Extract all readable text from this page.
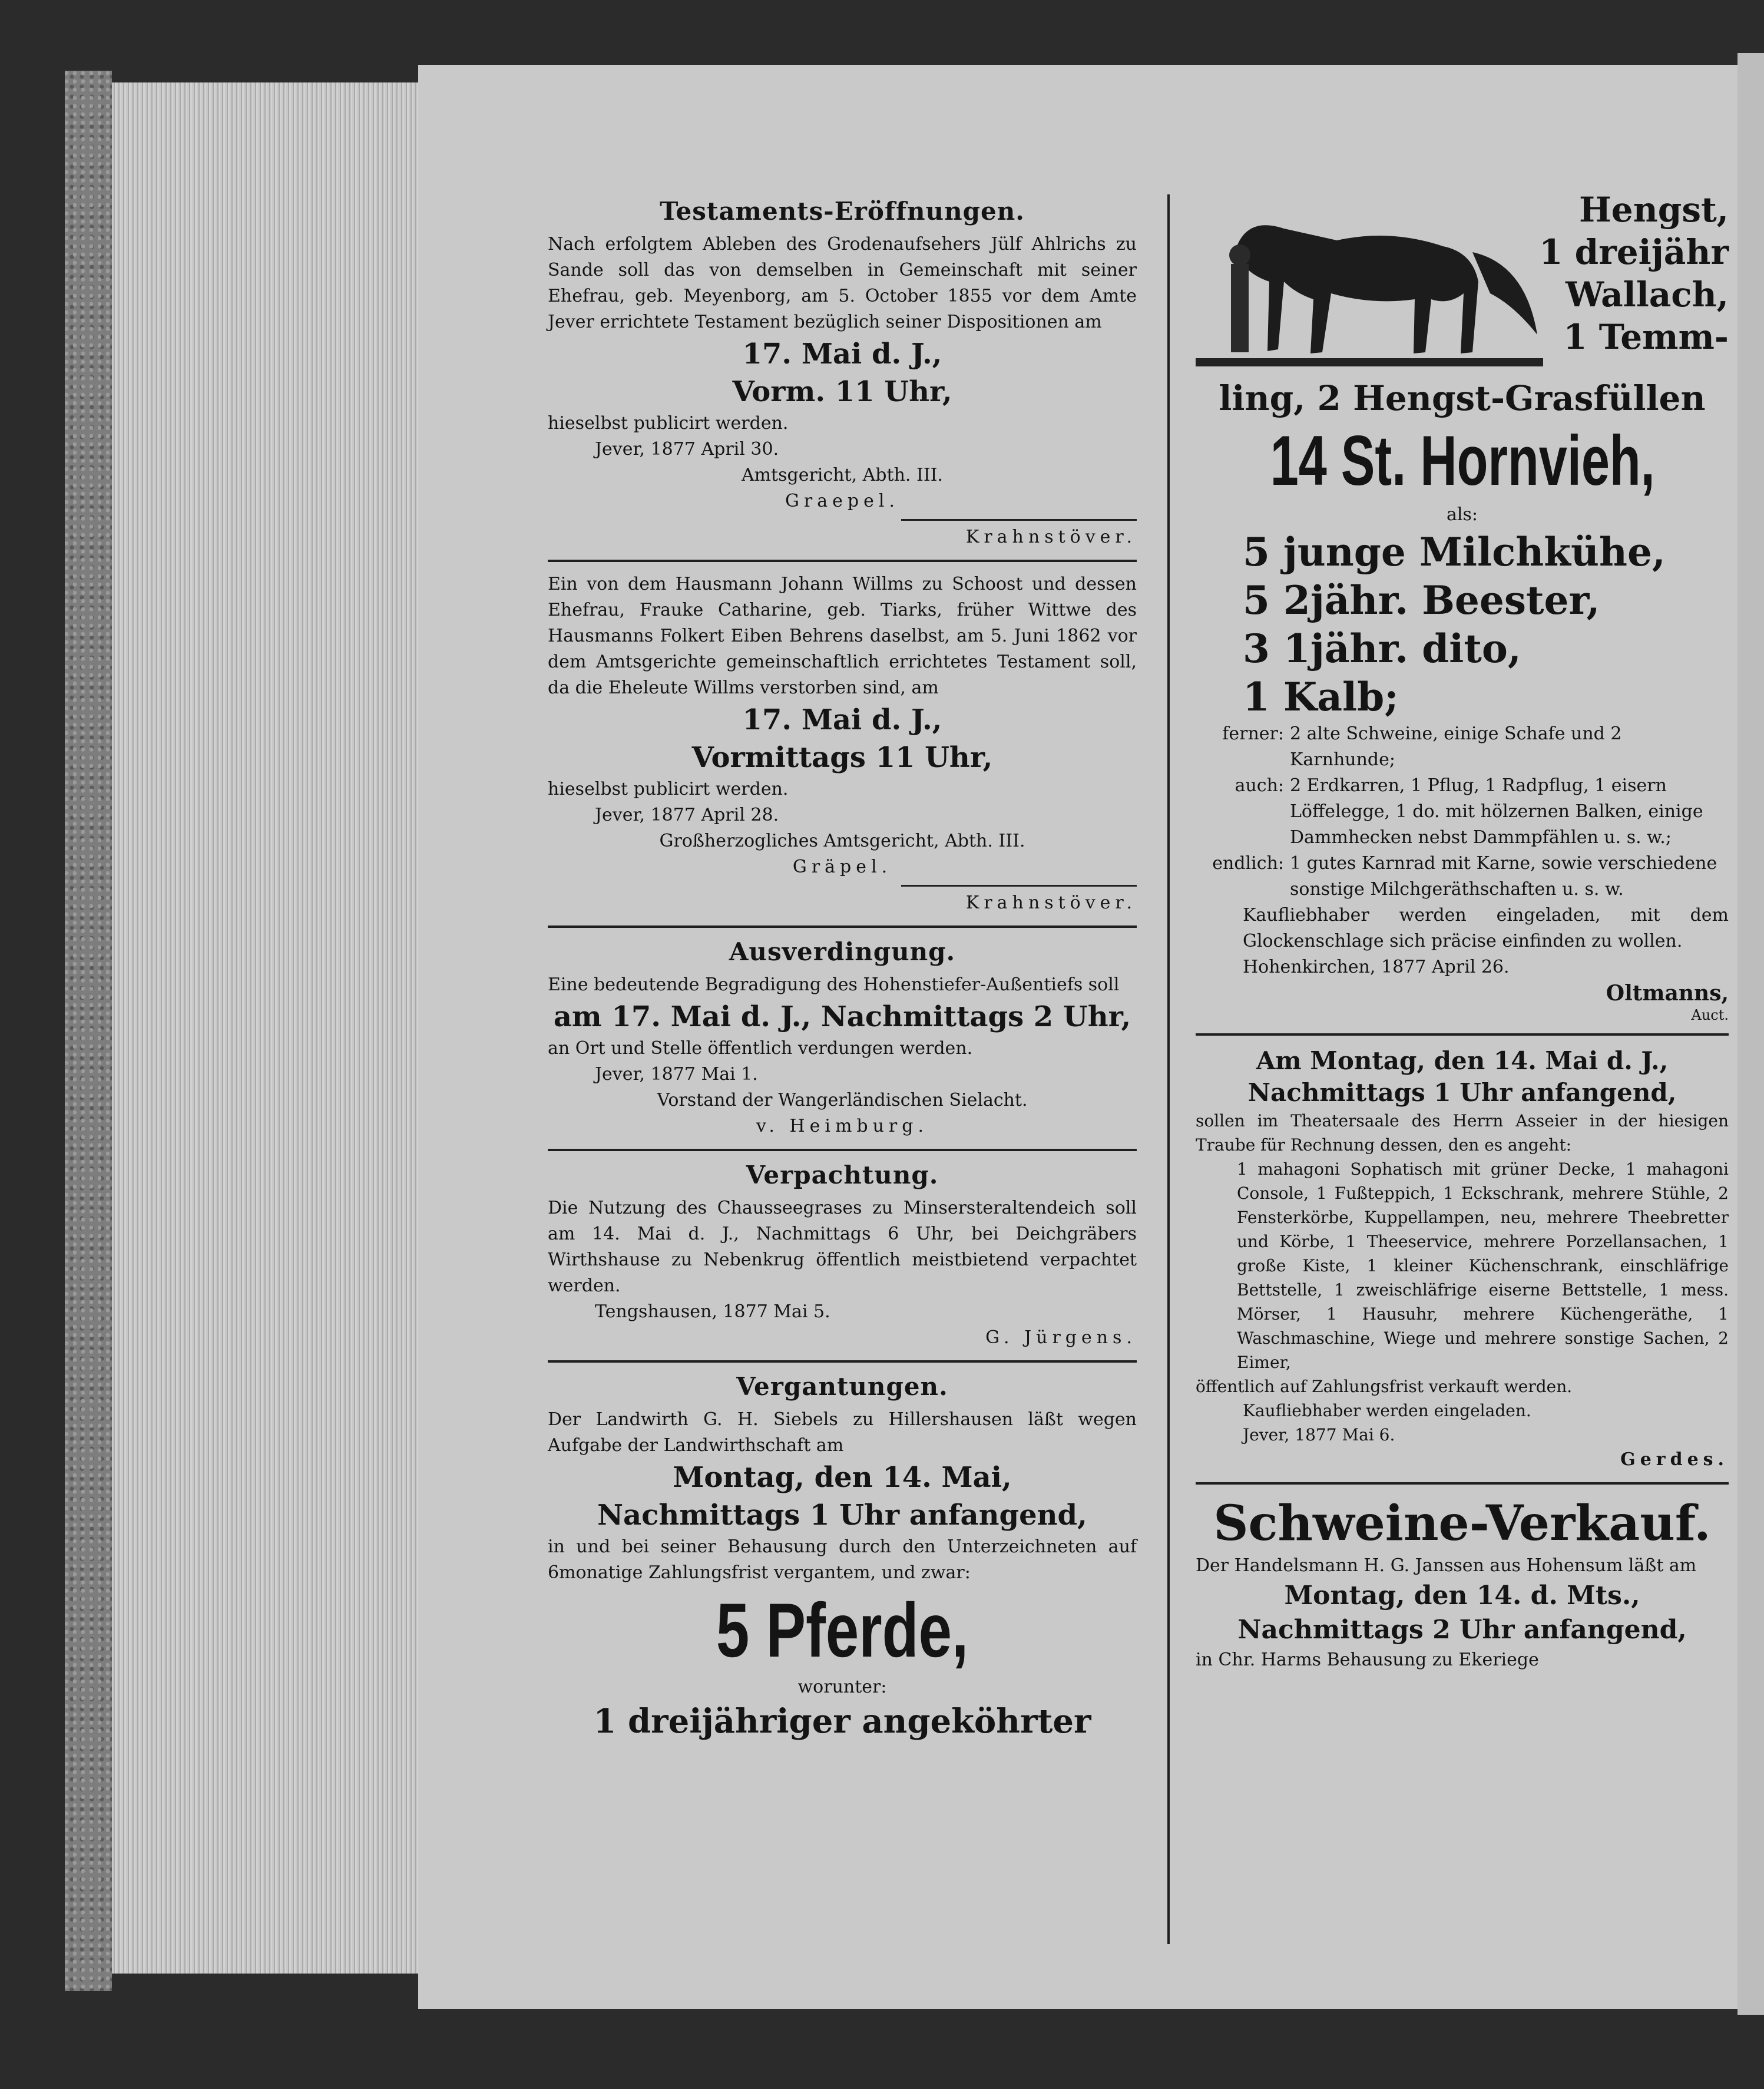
Testaments-Eröffnungen.
Nach erfolgtem Ableben des Grodenaufsehers Jülf Ahlrichs zu Sande soll das von demselben in Gemeinschaft mit seiner Ehefrau, geb. Meyenborg, am 5. October 1855 vor dem Amte Jever errichtete Testament bezüglich seiner Dispositionen am
17. Mai d. J.,
Vorm. 11 Uhr,
hieselbst publicirt werden.
Jever, 1877 April 30.
Amtsgericht, Abth. III.
Graepel.
Krahnstöver.
Ein von dem Hausmann Johann Willms zu Schoost und dessen Ehefrau, Frauke Catharine, geb. Tiarks, früher Wittwe des Hausmanns Folkert Eiben Behrens daselbst, am 5. Juni 1862 vor dem Amtsgerichte gemeinschaftlich errichtetes Testament soll, da die Eheleute Willms verstorben sind, am
17. Mai d. J.,
Vormittags 11 Uhr,
hieselbst publicirt werden.
Jever, 1877 April 28.
Großherzogliches Amtsgericht, Abth. III.
Gräpel.
Krahnstöver.
Ausverdingung.
Eine bedeutende Begradigung des Hohenstiefer-Außentiefs soll
am 17. Mai d. J., Nachmittags 2 Uhr,
an Ort und Stelle öffentlich verdungen werden.
Jever, 1877 Mai 1.
Vorstand der Wangerländischen Sielacht.
v. Heimburg.
Verpachtung.
Die Nutzung des Chausseegrases zu Minsersteraltendeich soll am 14. Mai d. J., Nachmittags 6 Uhr, bei Deichgräbers Wirthshause zu Nebenkrug öffentlich meistbietend verpachtet werden.
Tengshausen, 1877 Mai 5.
G. Jürgens.
Vergantungen.
Der Landwirth G. H. Siebels zu Hillershausen läßt wegen Aufgabe der Landwirthschaft am
Montag, den 14. Mai,
Nachmittags 1 Uhr anfangend,
in und bei seiner Behausung durch den Unterzeichneten auf 6monatige Zahlungsfrist vergantem, und zwar:
5 Pferde,
worunter:
1 dreijähriger angeköhrter
Hengst,
1 dreijähr
Wallach,
1 Temm-
ling, 2 Hengst-Grasfüllen
14 St. Hornvieh,
als:
5 junge Milchkühe,
5 2jähr. Beester,
3 1jähr. dito,
1 Kalb;
ferner: 2 alte Schweine, einige Schafe und 2 Karnhunde;
auch: 2 Erdkarren, 1 Pflug, 1 Radpflug, 1 eisern Löffelegge, 1 do. mit hölzernen Balken, einige Dammhecken nebst Dammpfählen u. s. w.;
endlich: 1 gutes Karnrad mit Karne, sowie verschiedene sonstige Milchgeräthschaften u. s. w.
Kaufliebhaber werden eingeladen, mit dem Glockenschlage sich präcise einfinden zu wollen.
Hohenkirchen, 1877 April 26.
Oltmanns,
Auct.
Am Montag, den 14. Mai d. J.,
Nachmittags 1 Uhr anfangend,
sollen im Theatersaale des Herrn Asseier in der hiesigen Traube für Rechnung dessen, den es angeht:
1 mahagoni Sophatisch mit grüner Decke, 1 mahagoni Console, 1 Fußteppich, 1 Eckschrank, mehrere Stühle, 2 Fensterkörbe, Kuppellampen, neu, mehrere Theebretter und Körbe, 1 Theeservice, mehrere Porzellansachen, 1 große Kiste, 1 kleiner Küchenschrank, einschläfrige Bettstelle, 1 zweischläfrige eiserne Bettstelle, 1 mess. Mörser, 1 Hausuhr, mehrere Küchengeräthe, 1 Waschmaschine, Wiege und mehrere sonstige Sachen, 2 Eimer,
öffentlich auf Zahlungsfrist verkauft werden.
Kaufliebhaber werden eingeladen.
Jever, 1877 Mai 6.
Gerdes.
Schweine-Verkauf.
Der Handelsmann H. G. Janssen aus Hohensum läßt am
Montag, den 14. d. Mts.,
Nachmittags 2 Uhr anfangend,
in Chr. Harms Behausung zu Ekeriege
